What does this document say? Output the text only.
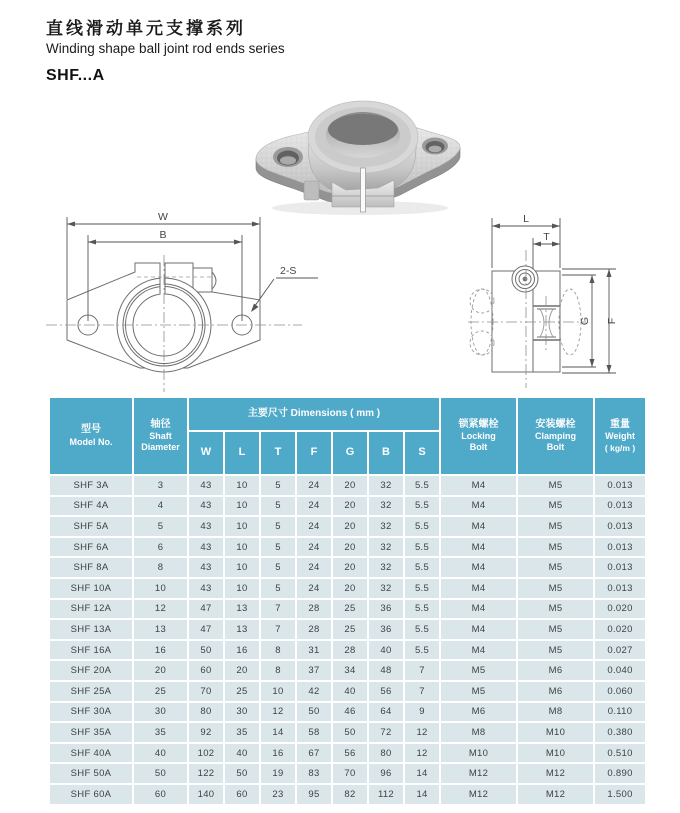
直线滑动单元支撑系列
Winding shape ball joint rod ends series
SHF...A
W
B
2-S
L
T
G F
型号
Model No.

轴径
Shaft
Diameter
	主要尺寸 Dimensions ( mm )	
锁紧螺栓
Locking
Bolt

安装螺栓
Clamping
Bolt

重量
Weight
( kg/m )

		W	L	T	F	G	B	S			
SHF 3A	3	43	10	5	24	20	32	5.5	M4	M5	0.013
SHF 4A	4	43	10	5	24	20	32	5.5	M4	M5	0.013
SHF 5A	5	43	10	5	24	20	32	5.5	M4	M5	0.013
SHF 6A	6	43	10	5	24	20	32	5.5	M4	M5	0.013
SHF 8A	8	43	10	5	24	20	32	5.5	M4	M5	0.013
SHF 10A	10	43	10	5	24	20	32	5.5	M4	M5	0.013
SHF 12A	12	47	13	7	28	25	36	5.5	M4	M5	0.020
SHF 13A	13	47	13	7	28	25	36	5.5	M4	M5	0.020
SHF 16A	16	50	16	8	31	28	40	5.5	M4	M5	0.027
SHF 20A	20	60	20	8	37	34	48	7	M5	M6	0.040
SHF 25A	25	70	25	10	42	40	56	7	M5	M6	0.060
SHF 30A	30	80	30	12	50	46	64	9	M6	M8	0.110
SHF 35A	35	92	35	14	58	50	72	12	M8	M10	0.380
SHF 40A	40	102	40	16	67	56	80	12	M10	M10	0.510
SHF 50A	50	122	50	19	83	70	96	14	M12	M12	0.890
SHF 60A	60	140	60	23	95	82	112	14	M12	M12	1.500
